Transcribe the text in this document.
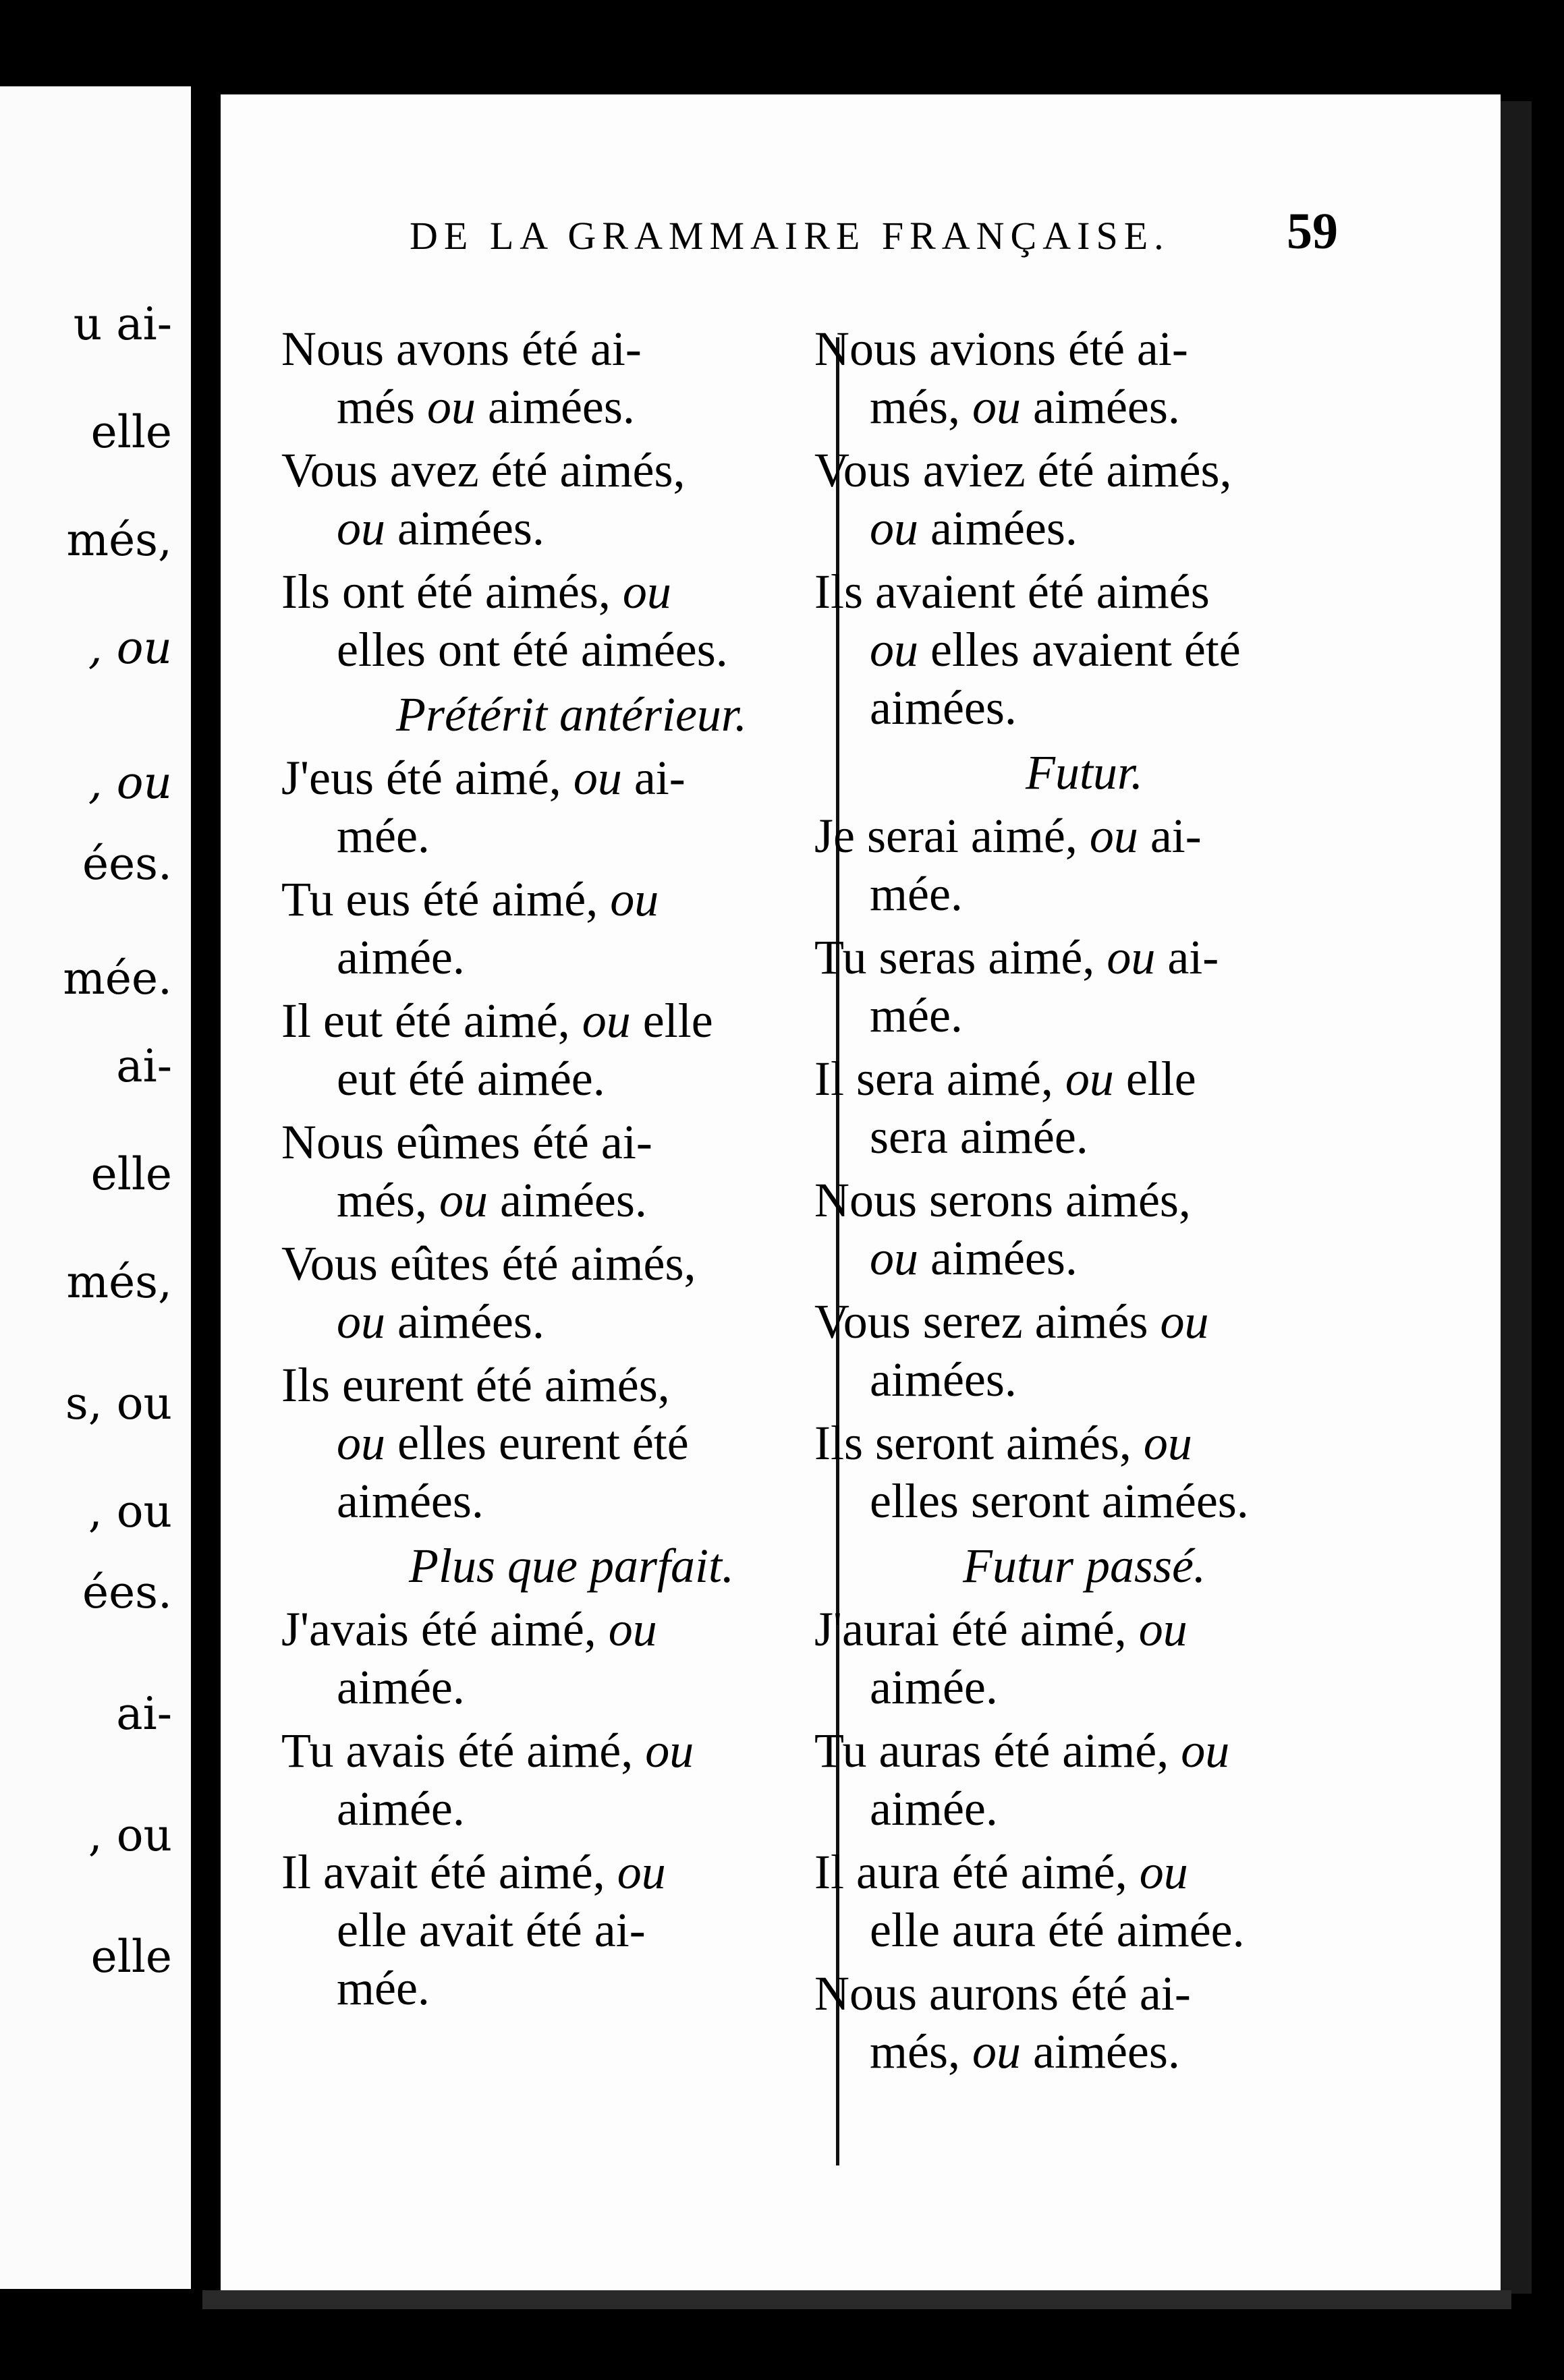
u ai-
elle
més,
, ou
, ou
ées.
mée.
ai-
elle
més,
s, ou
, ou
ées.
ai-
, ou
elle
DE LA GRAMMAIRE FRANÇAISE.	59
Nous avons été ai-
més ou aimées.
Vous avez été aimés,
ou aimées.
Ils ont été aimés, ou
elles ont été aimées.
Prétérit antérieur.
J'eus été aimé, ou ai-
mée.
Tu eus été aimé, ou
aimée.
Il eut été aimé, ou elle
eut été aimée.
Nous eûmes été ai-
més, ou aimées.
Vous eûtes été aimés,
ou aimées.
Ils eurent été aimés,
ou elles eurent été
aimées.
Plus que parfait.
J'avais été aimé, ou
aimée.
Tu avais été aimé, ou
aimée.
Il avait été aimé, ou
elle avait été ai-
mée.
Nous avions été ai-
més, ou aimées.
Vous aviez été aimés,
ou aimées.
Ils avaient été aimés
ou elles avaient été
aimées.
Futur.
Je serai aimé, ou ai-
mée.
Tu seras aimé, ou ai-
mée.
Il sera aimé, ou elle
sera aimée.
Nous serons aimés,
ou aimées.
Vous serez aimés ou
aimées.
Ils seront aimés, ou
elles seront aimées.
Futur passé.
J'aurai été aimé, ou
aimée.
Tu auras été aimé, ou
aimée.
Il aura été aimé, ou
elle aura été aimée.
Nous aurons été ai-
més, ou aimées.
